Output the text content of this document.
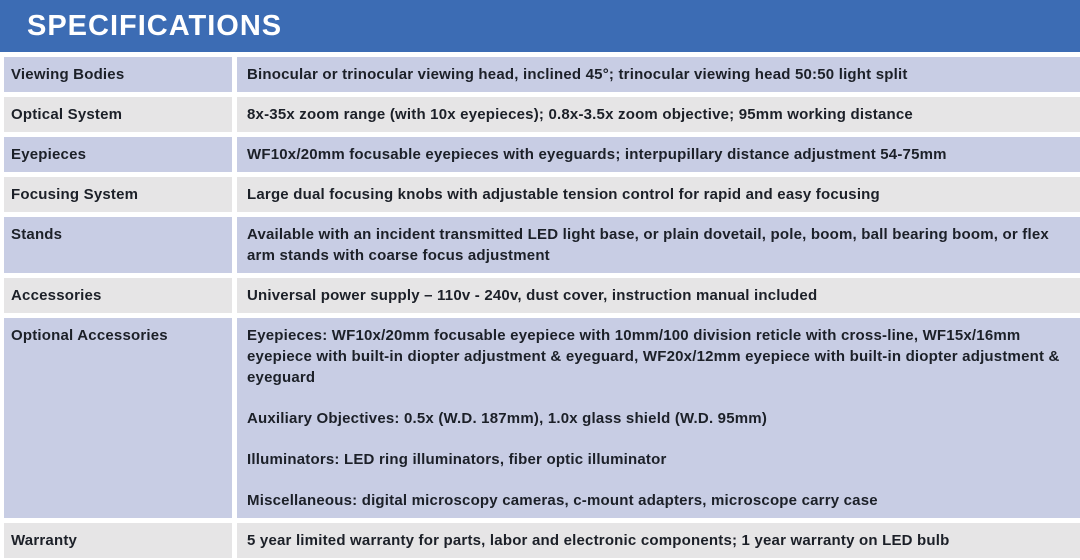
SPECIFICATIONS
Viewing Bodies	Binocular or trinocular viewing head, inclined 45°; trinocular viewing head 50:50 light split

Optical System	8x-35x zoom range (with 10x eyepieces); 0.8x-3.5x zoom objective; 95mm working distance

Eyepieces	WF10x/20mm focusable eyepieces with eyeguards; interpupillary distance adjustment 54-75mm

Focusing System	Large dual focusing knobs with adjustable tension control for rapid and easy focusing

Stands	Available with an incident transmitted LED light base, or plain dovetail, pole, boom, ball bearing boom, or flex arm stands with coarse focus adjustment

Accessories	Universal power supply – 110v - 240v, dust cover, instruction manual included

Optional Accessories	Eyepieces: WF10x/20mm focusable eyepiece with 10mm/100 division reticle with cross-line, WF15x/16mm eyepiece with built-in diopter adjustment & eyeguard, WF20x/12mm eyepiece with built-in diopter adjustment & eyeguard

Auxiliary Objectives: 0.5x (W.D. 187mm), 1.0x glass shield (W.D. 95mm)

Illuminators: LED ring illuminators, fiber optic illuminator

Miscellaneous: digital microscopy cameras, c-mount adapters, microscope carry case

Warranty	5 year limited warranty for parts, labor and electronic components; 1 year warranty on LED bulb
